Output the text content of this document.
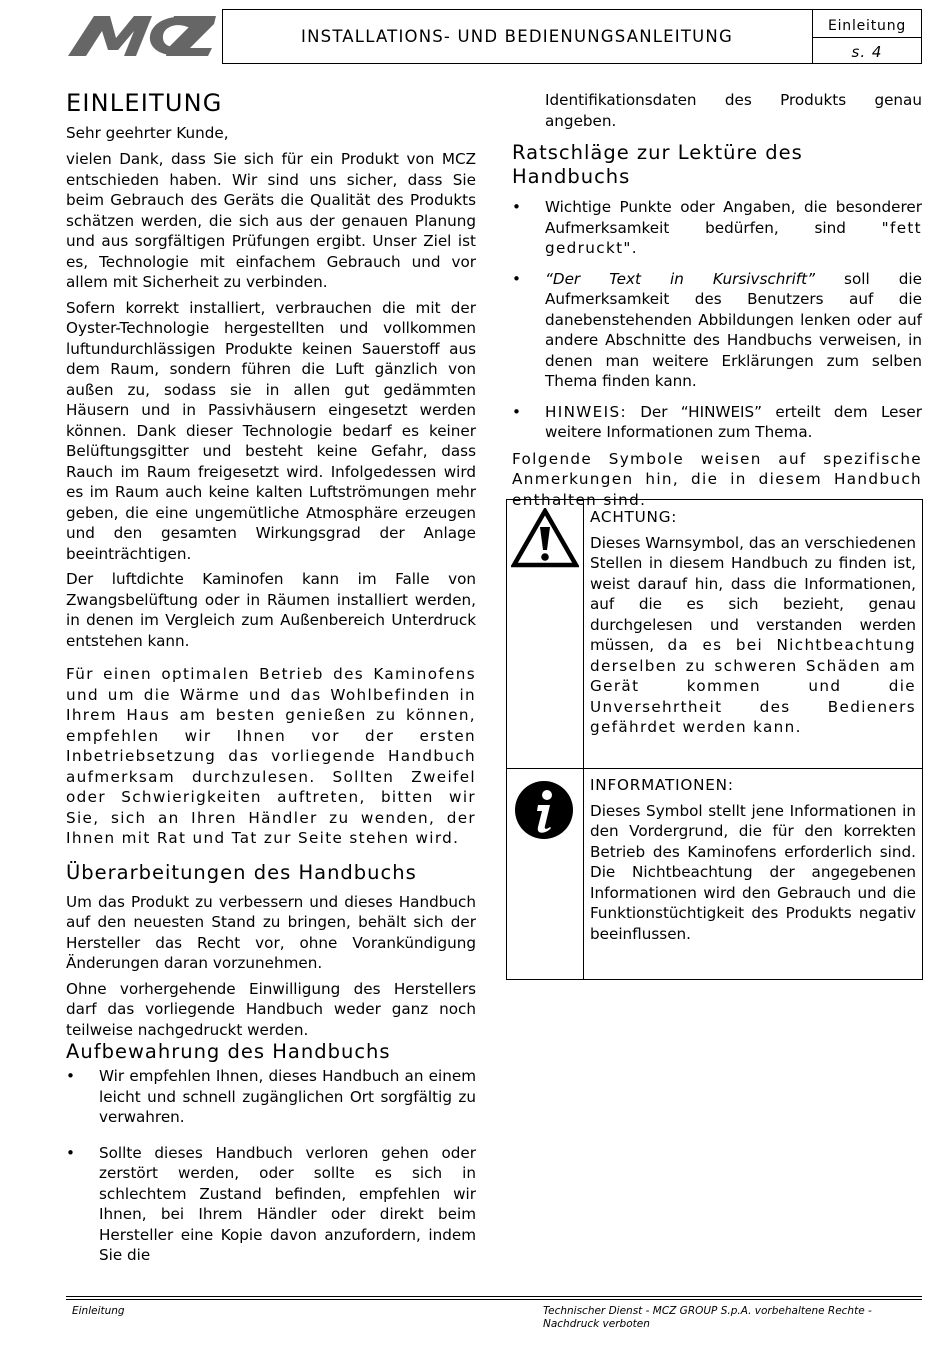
INSTALLATIONS- UND BEDIENUNGSANLEITUNG
Einleitung
s. 4
EINLEITUNG

Sehr geehrter Kunde,

vielen Dank, dass Sie sich für ein Produkt von MCZ entschieden haben. Wir sind uns sicher, dass Sie beim Gebrauch des Geräts die Qualität des Produkts schätzen werden, die sich aus der genauen Planung und aus sorgfältigen Prüfungen ergibt. Unser Ziel ist es, Technologie mit einfachem Gebrauch und vor allem mit Sicherheit zu verbinden.

Sofern korrekt installiert, verbrauchen die mit der Oyster-Technologie hergestellten und vollkommen luftundurchlässigen Produkte keinen Sauerstoff aus dem Raum, sondern führen die Luft gänzlich von außen zu, sodass sie in allen gut gedämmten Häusern und in Passivhäusern eingesetzt werden können. Dank dieser Technologie bedarf es keiner Belüftungsgitter und besteht keine Gefahr, dass Rauch im Raum freigesetzt wird. Infolgedessen wird es im Raum auch keine kalten Luftströmungen mehr geben, die eine ungemütliche Atmosphäre erzeugen und den gesamten Wirkungsgrad der Anlage beeinträchtigen.

Der luftdichte Kaminofen kann im Falle von Zwangsbelüftung oder in Räumen installiert werden, in denen im Vergleich zum Außenbereich Unterdruck entstehen kann.

Für einen optimalen Betrieb des Kaminofens und um die Wärme und das Wohlbefinden in Ihrem Haus am besten genießen zu können, empfehlen wir Ihnen vor der ersten Inbetriebsetzung das vorliegende Handbuch aufmerksam durchzulesen. Sollten Zweifel oder Schwierigkeiten auftreten, bitten wir Sie, sich an Ihren Händler zu wenden, der Ihnen mit Rat und Tat zur Seite stehen wird.

Überarbeitungen des Handbuchs

Um das Produkt zu verbessern und dieses Handbuch auf den neuesten Stand zu bringen, behält sich der Hersteller das Recht vor, ohne Vorankündigung Änderungen daran vorzunehmen.

Ohne vorhergehende Einwilligung des Herstellers darf das vorliegende Handbuch weder ganz noch teilweise nachgedruckt werden.

Aufbewahrung des Handbuchs
• Wir empfehlen Ihnen, dieses Handbuch an einem leicht und schnell zugänglichen Ort sorgfältig zu verwahren.

• Sollte dieses Handbuch verloren gehen oder zerstört werden, oder sollte es sich in schlechtem Zustand befinden, empfehlen wir Ihnen, bei Ihrem Händler oder direkt beim Hersteller eine Kopie davon anzufordern, indem Sie die

Identifikationsdaten des Produkts genau angeben.

Ratschläge zur Lektüre des Handbuchs
• Wichtige Punkte oder Angaben, die besonderer Aufmerksamkeit bedürfen, sind "fett gedruckt".

• “Der Text in Kursivschrift” soll die Aufmerksamkeit des Benutzers auf die danebenstehenden Abbildungen lenken oder auf andere Abschnitte des Handbuchs verweisen, in denen man weitere Erklärungen zum selben Thema finden kann.

• HINWEIS: Der “HINWEIS” erteilt dem Leser weitere Informationen zum Thema.

Folgende Symbole weisen auf spezifische Anmerkungen hin, die in diesem Handbuch enthalten sind.

ACHTUNG:

Dieses Warnsymbol, das an verschiedenen Stellen in diesem Handbuch zu finden ist, weist darauf hin, dass die Informationen, auf die es sich bezieht, genau durchgelesen und verstanden werden müssen, da es bei Nichtbeachtung derselben zu schweren Schäden am Gerät kommen und die Unversehrtheit des Bedieners gefährdet werden kann.

INFORMATIONEN:

Dieses Symbol stellt jene Informationen in den Vordergrund, die für den korrekten Betrieb des Kaminofens erforderlich sind. Die Nichtbeachtung der angegebenen Informationen wird den Gebrauch und die Funktionstüchtigkeit des Produkts negativ beeinflussen.

Einleitung	Technischer Dienst - MCZ GROUP S.p.A. vorbehaltene Rechte - Nachdruck verboten
